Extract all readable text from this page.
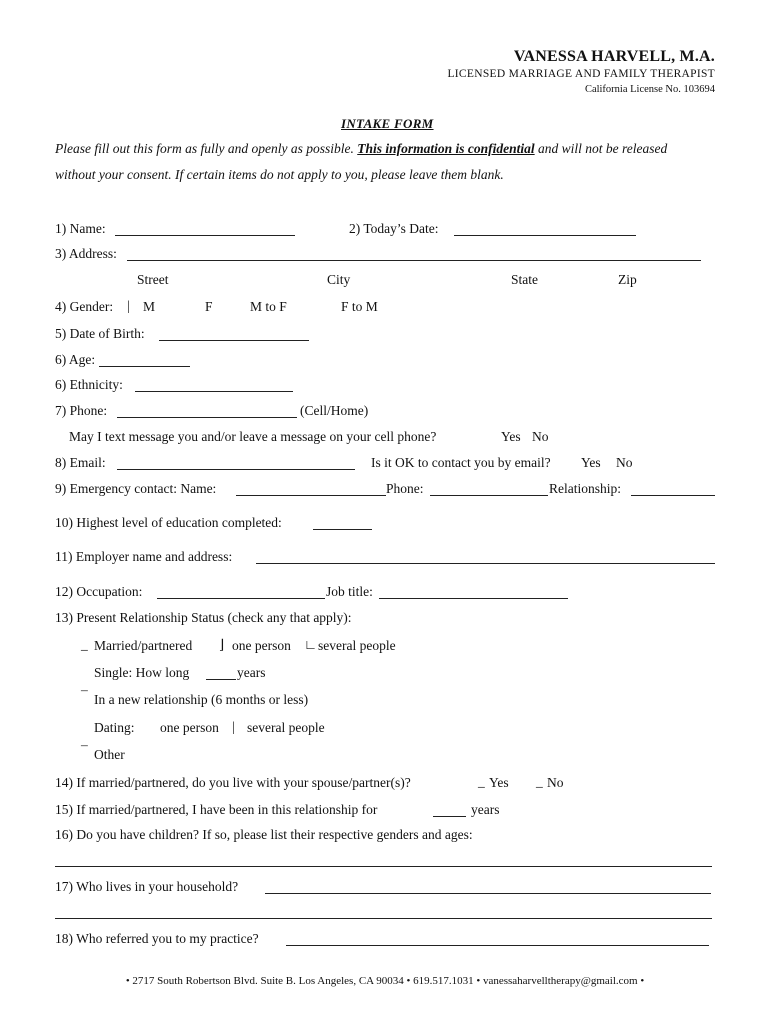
VANESSA HARVELL, M.A.
LICENSED MARRIAGE AND FAMILY THERAPIST
California License No. 103694
INTAKE FORM
Please fill out this form as fully and openly as possible. This information is confidential and will not be released
without your consent. If certain items do not apply to you, please leave them blank.
1) Name:	2) Today’s Date:
3) Address:
Street	City	State	Zip
4) Gender: | M	F	M to F	F to M
5) Date of Birth:
6) Age:
6) Ethnicity:
7) Phone:	(Cell/Home)
May I text message you and/or leave a message on your cell phone?	Yes No
8) Email:	Is it OK to contact you by email? Yes No
9) Emergency contact: Name:	Phone:	Relationship:
10) Highest level of education completed:
11) Employer name and address:
12) Occupation:	Job title:
13) Present Relationship Status (check any that apply):
_ Married/partnered ⌋ one person ∟ several people
Single: How long	years
¯ In a new relationship (6 months or less)
Dating: one person | several people
¯ Other
14) If married/partnered, do you live with your spouse/partner(s)?	_ Yes _ No
15) If married/partnered, I have been in this relationship for	years
16) Do you have children? If so, please list their respective genders and ages:
17) Who lives in your household?
18) Who referred you to my practice?
• 2717 South Robertson Blvd. Suite B. Los Angeles, CA 90034 • 619.517.1031 • vanessaharvelltherapy@gmail.com •
